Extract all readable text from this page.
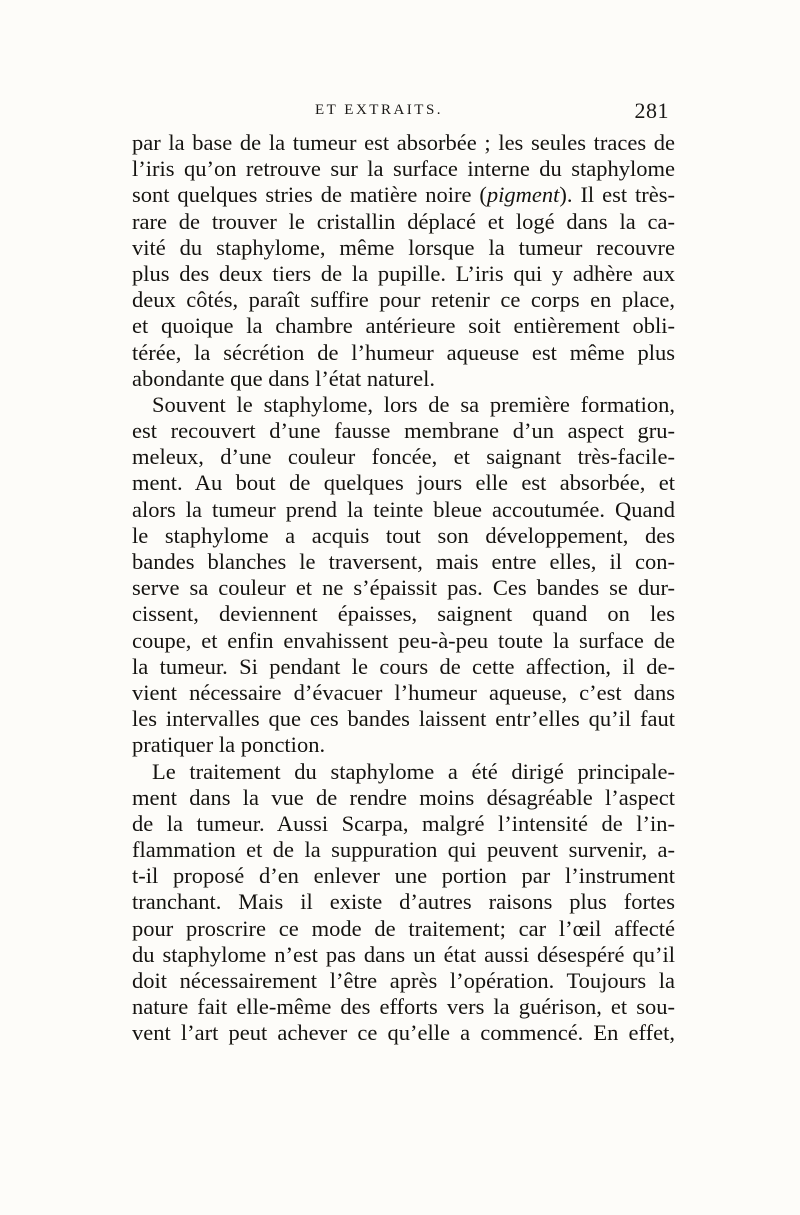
ET EXTRAITS.	281
par la base de la tumeur est absorbée ; les seules traces de
l’iris qu’on retrouve sur la surface interne du staphylome
sont quelques stries de matière noire (pigment). Il est très-
rare de trouver le cristallin déplacé et logé dans la ca-
vité du staphylome, même lorsque la tumeur recouvre
plus des deux tiers de la pupille. L’iris qui y adhère aux
deux côtés, paraît suffire pour retenir ce corps en place,
et quoique la chambre antérieure soit entièrement obli-
térée, la sécrétion de l’humeur aqueuse est même plus
abondante que dans l’état naturel.
Souvent le staphylome, lors de sa première formation,
est recouvert d’une fausse membrane d’un aspect gru-
meleux, d’une couleur foncée, et saignant très-facile-
ment. Au bout de quelques jours elle est absorbée, et
alors la tumeur prend la teinte bleue accoutumée. Quand
le staphylome a acquis tout son développement, des
bandes blanches le traversent, mais entre elles, il con-
serve sa couleur et ne s’épaissit pas. Ces bandes se dur-
cissent, deviennent épaisses, saignent quand on les
coupe, et enfin envahissent peu-à-peu toute la surface de
la tumeur. Si pendant le cours de cette affection, il de-
vient nécessaire d’évacuer l’humeur aqueuse, c’est dans
les intervalles que ces bandes laissent entr’elles qu’il faut
pratiquer la ponction.
Le traitement du staphylome a été dirigé principale-
ment dans la vue de rendre moins désagréable l’aspect
de la tumeur. Aussi Scarpa, malgré l’intensité de l’in-
flammation et de la suppuration qui peuvent survenir, a-
t-il proposé d’en enlever une portion par l’instrument
tranchant. Mais il existe d’autres raisons plus fortes
pour proscrire ce mode de traitement; car l’œil affecté
du staphylome n’est pas dans un état aussi désespéré qu’il
doit nécessairement l’être après l’opération. Toujours la
nature fait elle-même des efforts vers la guérison, et sou-
vent l’art peut achever ce qu’elle a commencé. En effet,
